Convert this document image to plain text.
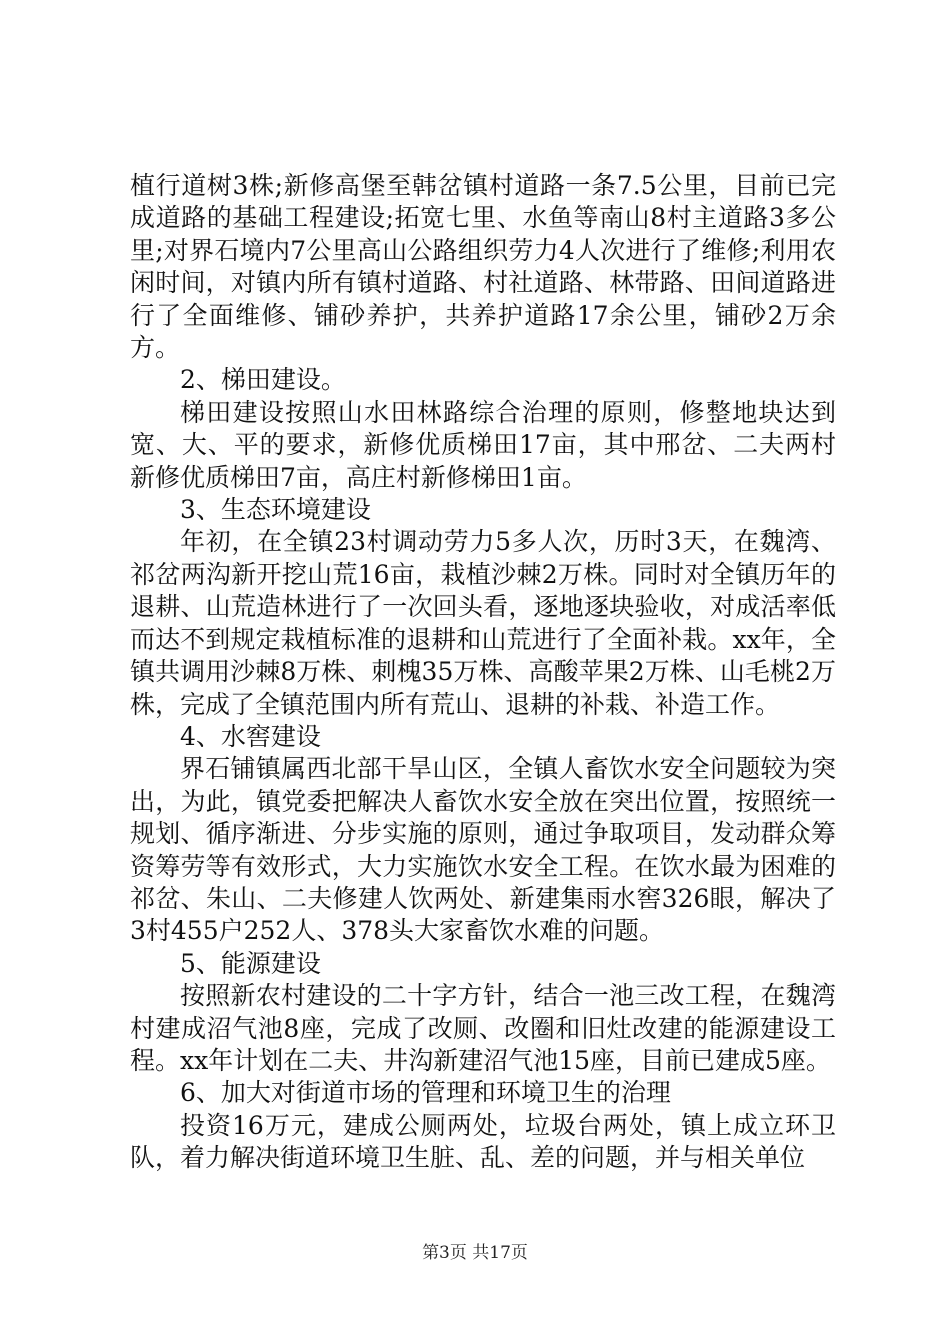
植行道树3株;新修高堡至韩岔镇村道路一条7.5公里，目前已完成道路的基础工程建设;拓宽七里、水鱼等南山8村主道路3多公里;对界石境内7公里高山公路组织劳力4人次进行了维修;利用农闲时间，对镇内所有镇村道路、村社道路、林带路、田间道路进行了全面维修、铺砂养护，共养护道路17余公里，铺砂2万余方。

2、梯田建设。

梯田建设按照山水田林路综合治理的原则，修整地块达到宽、大、平的要求，新修优质梯田17亩，其中邢岔、二夫两村新修优质梯田7亩，高庄村新修梯田1亩。

3、生态环境建设

年初，在全镇23村调动劳力5多人次，历时3天，在魏湾、祁岔两沟新开挖山荒16亩，栽植沙棘2万株。同时对全镇历年的退耕、山荒造林进行了一次回头看，逐地逐块验收，对成活率低而达不到规定栽植标准的退耕和山荒进行了全面补栽。xx年，全镇共调用沙棘8万株、刺槐35万株、高酸苹果2万株、山毛桃2万株，完成了全镇范围内所有荒山、退耕的补栽、补造工作。

4、水窖建设

界石铺镇属西北部干旱山区，全镇人畜饮水安全问题较为突出，为此，镇党委把解决人畜饮水安全放在突出位置，按照统一规划、循序渐进、分步实施的原则，通过争取项目，发动群众筹资筹劳等有效形式，大力实施饮水安全工程。在饮水最为困难的祁岔、朱山、二夫修建人饮两处、新建集雨水窖326眼，解决了3村455户252人、378头大家畜饮水难的问题。

5、能源建设

按照新农村建设的二十字方针，结合一池三改工程，在魏湾村建成沼气池8座，完成了改厕、改圈和旧灶改建的能源建设工程。xx年计划在二夫、井沟新建沼气池15座，目前已建成5座。

6、加大对街道市场的管理和环境卫生的治理

投资16万元，建成公厕两处，垃圾台两处，镇上成立环卫队，着力解决街道环境卫生脏、乱、差的问题，并与相关单位

第3页 共17页
